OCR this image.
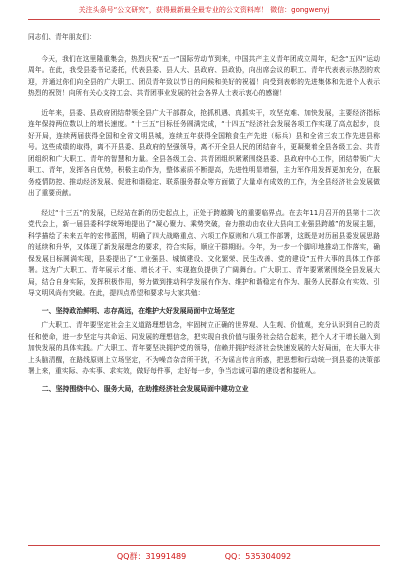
关注头条号“公文研究”，获得最新最全最专业的公文资料库！ 微信：gongwenyj

同志们、青年朋友们：

今天，我们在这里隆重集会，热烈庆祝“五一”国际劳动节到来，中国共产主义青年团成立周年，纪念“五四”运动周年。在此，我受县委书记委托，代表县委、县人大、县政府、县政协，向出席会议的职工、青年代表表示热烈的欢迎，并通过你们向全县的广大职工、团员青年致以节日的问候和美好的祝福！向受到表彰的先进集体和先进个人表示热烈的祝贺！向所有关心支持工会、共青团事业发展的社会各界人士表示衷心的感谢！

近年来，县委、县政府团结带领全县广大干部群众，抢抓机遇、真抓实干，攻坚克难、加快发展，主要经济指标连年保持两位数以上的增长速度。“十三五”目标任务圆满完成，“十四五”经济社会发展各项工作实现了高点起步，良好开局，连续两届获得全国和全省文明县城，连续五年获得全国粮食生产先进（标兵）县和全省三农工作先进县称号。这些成绩的取得，离不开县委、县政府的坚强领导，离不开全县人民的团结奋斗，更凝聚着全县各级工会、共青团组织和广大职工、青年的智慧和力量。全县各级工会、共青团组织紧紧围绕县委、县政府中心工作，团结带领广大职工、青年，发挥各自优势，积极主动作为，整体素质不断提高，先进性明显增强，主力军作用发挥更加充分，在服务疫情防控、推动经济发展、促进和谐稳定、联系服务群众等方面做了大量卓有成效的工作，为全县经济社会发展做出了重要贡献。

经过“十三五”的发展，已经站在新的历史起点上，正处于跨越腾飞的重要临界点。在去年11月召开的县第十二次党代会上，新一届县委科学统筹地提出了“凝心聚力、乘势突破，奋力推动由农业大县向工业强县跨越”的发展主题，科学描绘了未来五年的宏伟蓝图，明确了四大战略重点、六项工作原则和八项工作部署，这既是对历届县委发展思路的延续和升华，又体现了新发展理念的要求，符合实际，顺应干群期盼。今年，为一步一个脚印地推动工作落实，确保发展目标圆满实现，县委提出了“工业强县、城镇建设、文化繁荣、民生改善、党的建设”五件大事的具体工作部署。这为广大职工、青年展示才能、增长才干、实现抱负提供了广阔舞台。广大职工、青年要紧紧围绕全县发展大局，结合自身实际，发挥积极作用，努力做到推动科学发展有作为、维护和谐稳定有作为、服务人民群众有实效、引导文明风尚有突破。在此，提四点希望和要求与大家共勉：

一、坚持政治鲜明、志存高远，在维护大好发展局面中立场坚定

广大职工、青年要坚定社会主义道路理想信念，牢固树立正确的世界观、人生观、价值观，充分认识到自己的责任和使命，进一步坚定与共命运、同发展的理想信念，把实现自我价值与服务社会结合起来，把个人才干增长融入到加快发展的具体实践。广大职工、青年要坚决拥护党的领导，信赖并拥护经济社会快速发展的大好局面，在大事大非上头脑清醒，在路线原则上立场坚定，不为噪音杂音所干扰，不为谣言传言所惑，把思想和行动统一到县委的决策部署上来，重实际、办实事、求实效，做好每件事，走好每一步，争当忠诚可靠的建设者和接班人。

二、坚持围绕中心、服务大局，在助推经济社会发展局面中建功立业
QQ群：31991489	QQ：535304092
